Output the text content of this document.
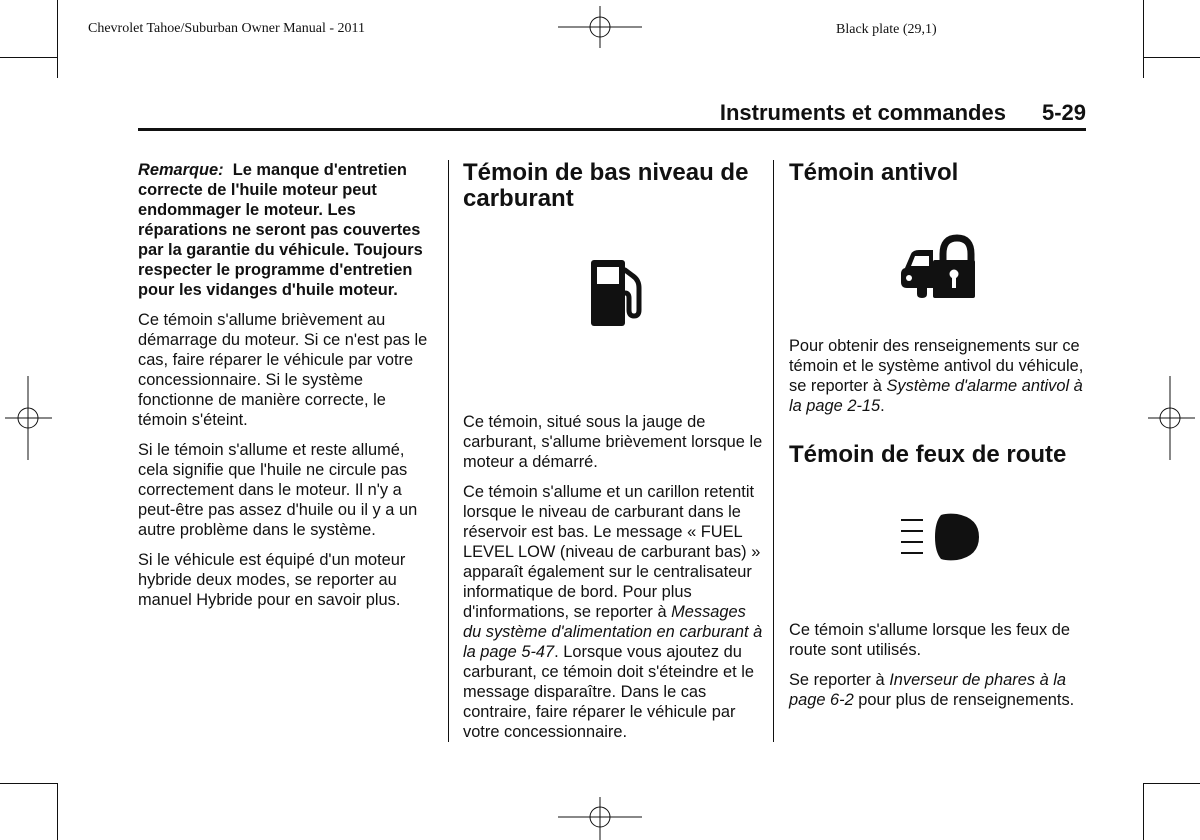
Chevrolet Tahoe/Suburban Owner Manual - 2011	Black plate (29,1)
Instruments et commandes 5-29

Remarque: Le manque d'entretien correcte de l'huile moteur peut endommager le moteur. Les réparations ne seront pas couvertes par la garantie du véhicule. Toujours respecter le programme d'entretien pour les vidanges d'huile moteur.

Ce témoin s'allume brièvement au démarrage du moteur. Si ce n'est pas le cas, faire réparer le véhicule par votre concessionnaire. Si le système fonctionne de manière correcte, le témoin s'éteint.

Si le témoin s'allume et reste allumé, cela signifie que l'huile ne circule pas correctement dans le moteur. Il n'y a peut-être pas assez d'huile ou il y a un autre problème dans le système.

Si le véhicule est équipé d'un moteur hybride deux modes, se reporter au manuel Hybride pour en savoir plus.

Témoin de bas niveau de carburant

Ce témoin, situé sous la jauge de carburant, s'allume brièvement lorsque le moteur a démarré.

Ce témoin s'allume et un carillon retentit lorsque le niveau de carburant dans le réservoir est bas. Le message « FUEL LEVEL LOW (niveau de carburant bas) » apparaît également sur le centralisateur informatique de bord. Pour plus d'informations, se reporter à Messages du système d'alimentation en carburant à la page 5-47. Lorsque vous ajoutez du carburant, ce témoin doit s'éteindre et le message disparaître. Dans le cas contraire, faire réparer le véhicule par votre concessionnaire.

Témoin antivol

Pour obtenir des renseignements sur ce témoin et le système antivol du véhicule, se reporter à Système d'alarme antivol à la page 2-15.

Témoin de feux de route

Ce témoin s'allume lorsque les feux de route sont utilisés.

Se reporter à Inverseur de phares à la page 6-2 pour plus de renseignements.
